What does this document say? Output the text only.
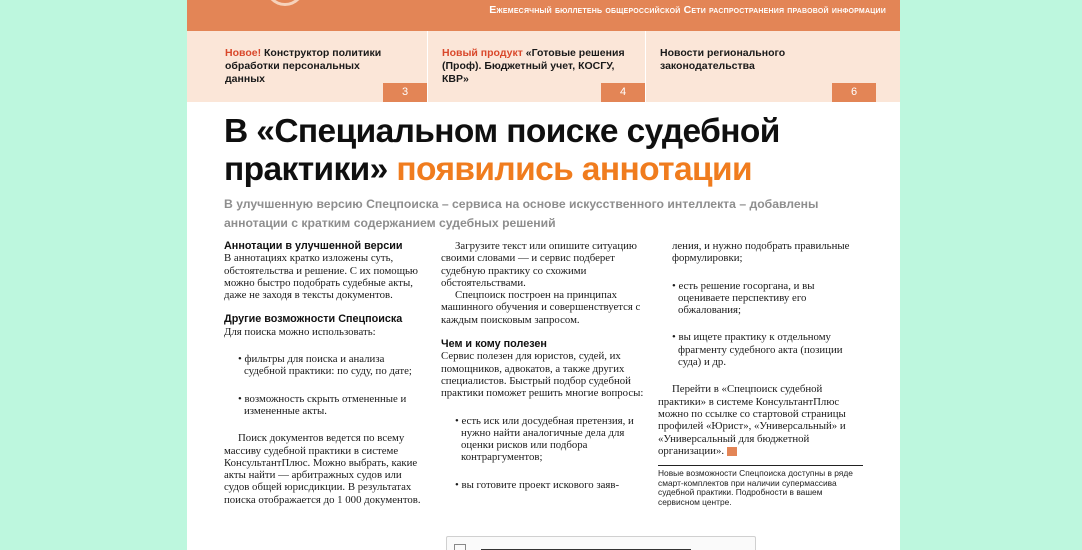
Ежемесячный бюллетень общероссийской Сети распространения правовой информации
Новое! Конструктор политики обработки персональных данных
3
Новый продукт «Готовые решения (Проф). Бюджетный учет, КОСГУ, КВР»
4
Новости регионального законодательства
6
В «Специальном поиске судебной практики» появились аннотации
В улучшенную версию Спецпоиска – сервиса на основе искусственного интеллекта – добавлены аннотации с кратким содержанием судебных решений
Аннотации в улучшенной версии

В аннотациях кратко изложены суть, обстоятельства и решение. С их помощью можно быстро подобрать судебные акты, даже не заходя в тексты документов.

Другие возможности Спецпоиска

Для поиска можно использовать:

• фильтры для поиска и анализа судебной практики: по суду, по дате;

• возможность скрыть отмененные и измененные акты.

Поиск документов ведется по всему массиву судебной практики в системе КонсультантПлюс. Можно выбрать, какие акты найти — арбитражных судов или судов общей юрисдикции. В результатах поиска отображается до 1 000 документов.

Загрузите текст или опишите ситуацию своими словами — и сервис подберет судебную практику со схожими обстоятельствами.

Спецпоиск построен на принципах машинного обучения и совершенствуется с каждым поисковым запросом.

Чем и кому полезен

Сервис полезен для юристов, судей, их помощников, адвокатов, а также других специалистов. Быстрый подбор судебной практики поможет решить многие вопросы:

• есть иск или досудебная претензия, и нужно найти аналогичные дела для оценки рисков или подбора контраргументов;

• вы готовите проект искового заяв-

ления, и нужно подобрать правильные формулировки;

• есть решение госоргана, и вы оцениваете перспективу его обжалования;

• вы ищете практику к отдельному фрагменту судебного акта (позиции суда) и др.

Перейти в «Спецпоиск судебной практики» в системе КонсультантПлюс можно по ссылке со стартовой страницы профилей «Юрист», «Универсальный» и «Универсальный для бюджетной организации».	КП

Новые возможности Спецпоиска доступны в ряде смарт-комплектов при наличии супермассива судебной практики. Подробности в вашем сервисном центре.
